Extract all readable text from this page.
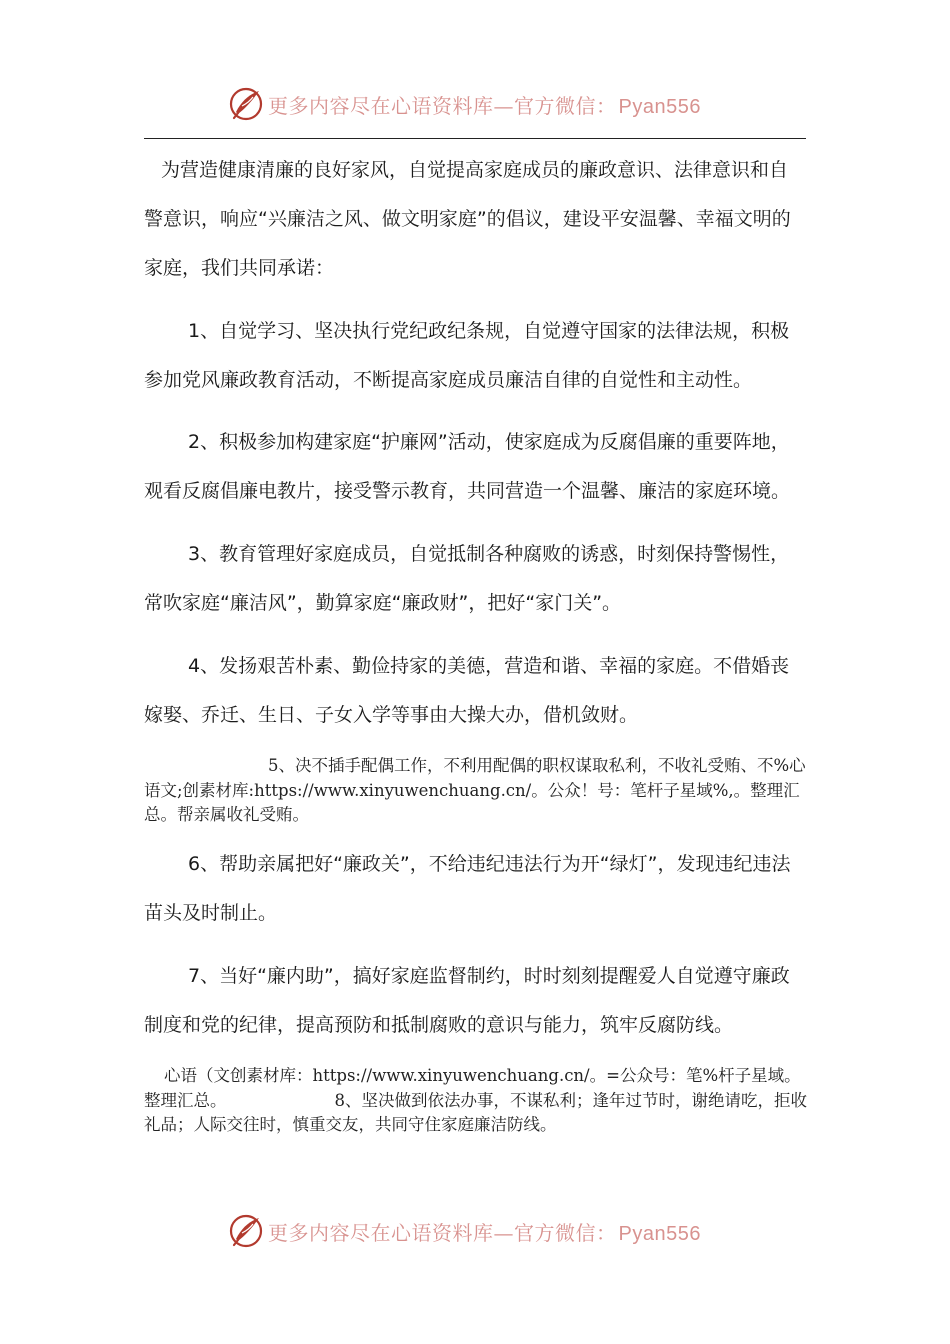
更多内容尽在心语资料库—官方微信： Pyan556

为营造健康清廉的良好家风，自觉提高家庭成员的廉政意识、法律意识和自警意识，响应“兴廉洁之风、做文明家庭”的倡议，建设平安温馨、幸福文明的家庭，我们共同承诺：

1、自觉学习、坚决执行党纪政纪条规，自觉遵守国家的法律法规，积极参加党风廉政教育活动，不断提高家庭成员廉洁自律的自觉性和主动性。

2、积极参加构建家庭“护廉网”活动，使家庭成为反腐倡廉的重要阵地，观看反腐倡廉电教片，接受警示教育，共同营造一个温馨、廉洁的家庭环境。

3、教育管理好家庭成员，自觉抵制各种腐败的诱惑，时刻保持警惕性，常吹家庭“廉洁风”，勤算家庭“廉政财”，把好“家门关”。

4、发扬艰苦朴素、勤俭持家的美德，营造和谐、幸福的家庭。不借婚丧嫁娶、乔迁、生日、子女入学等事由大操大办，借机敛财。

5、决不插手配偶工作，不利用配偶的职权谋取私利，不收礼受贿、不%心语文;创素材库:https://www.xinyuwenchuang.cn/。公众！号：笔杆子星域%,。整理汇总。帮亲属收礼受贿。

6、帮助亲属把好“廉政关”，不给违纪违法行为开“绿灯”，发现违纪违法苗头及时制止。

7、当好“廉内助”，搞好家庭监督制约，时时刻刻提醒爱人自觉遵守廉政制度和党的纪律，提高预防和抵制腐败的意识与能力，筑牢反腐防线。

心语（文创素材库：https://www.xinyuwenchuang.cn/。=公众号：笔%杆子星域。整理汇总。	8、坚决做到依法办事，不谋私利；逢年过节时，谢绝请吃，拒收礼品；人际交往时，慎重交友，共同守住家庭廉洁防线。
更多内容尽在心语资料库—官方微信： Pyan556
